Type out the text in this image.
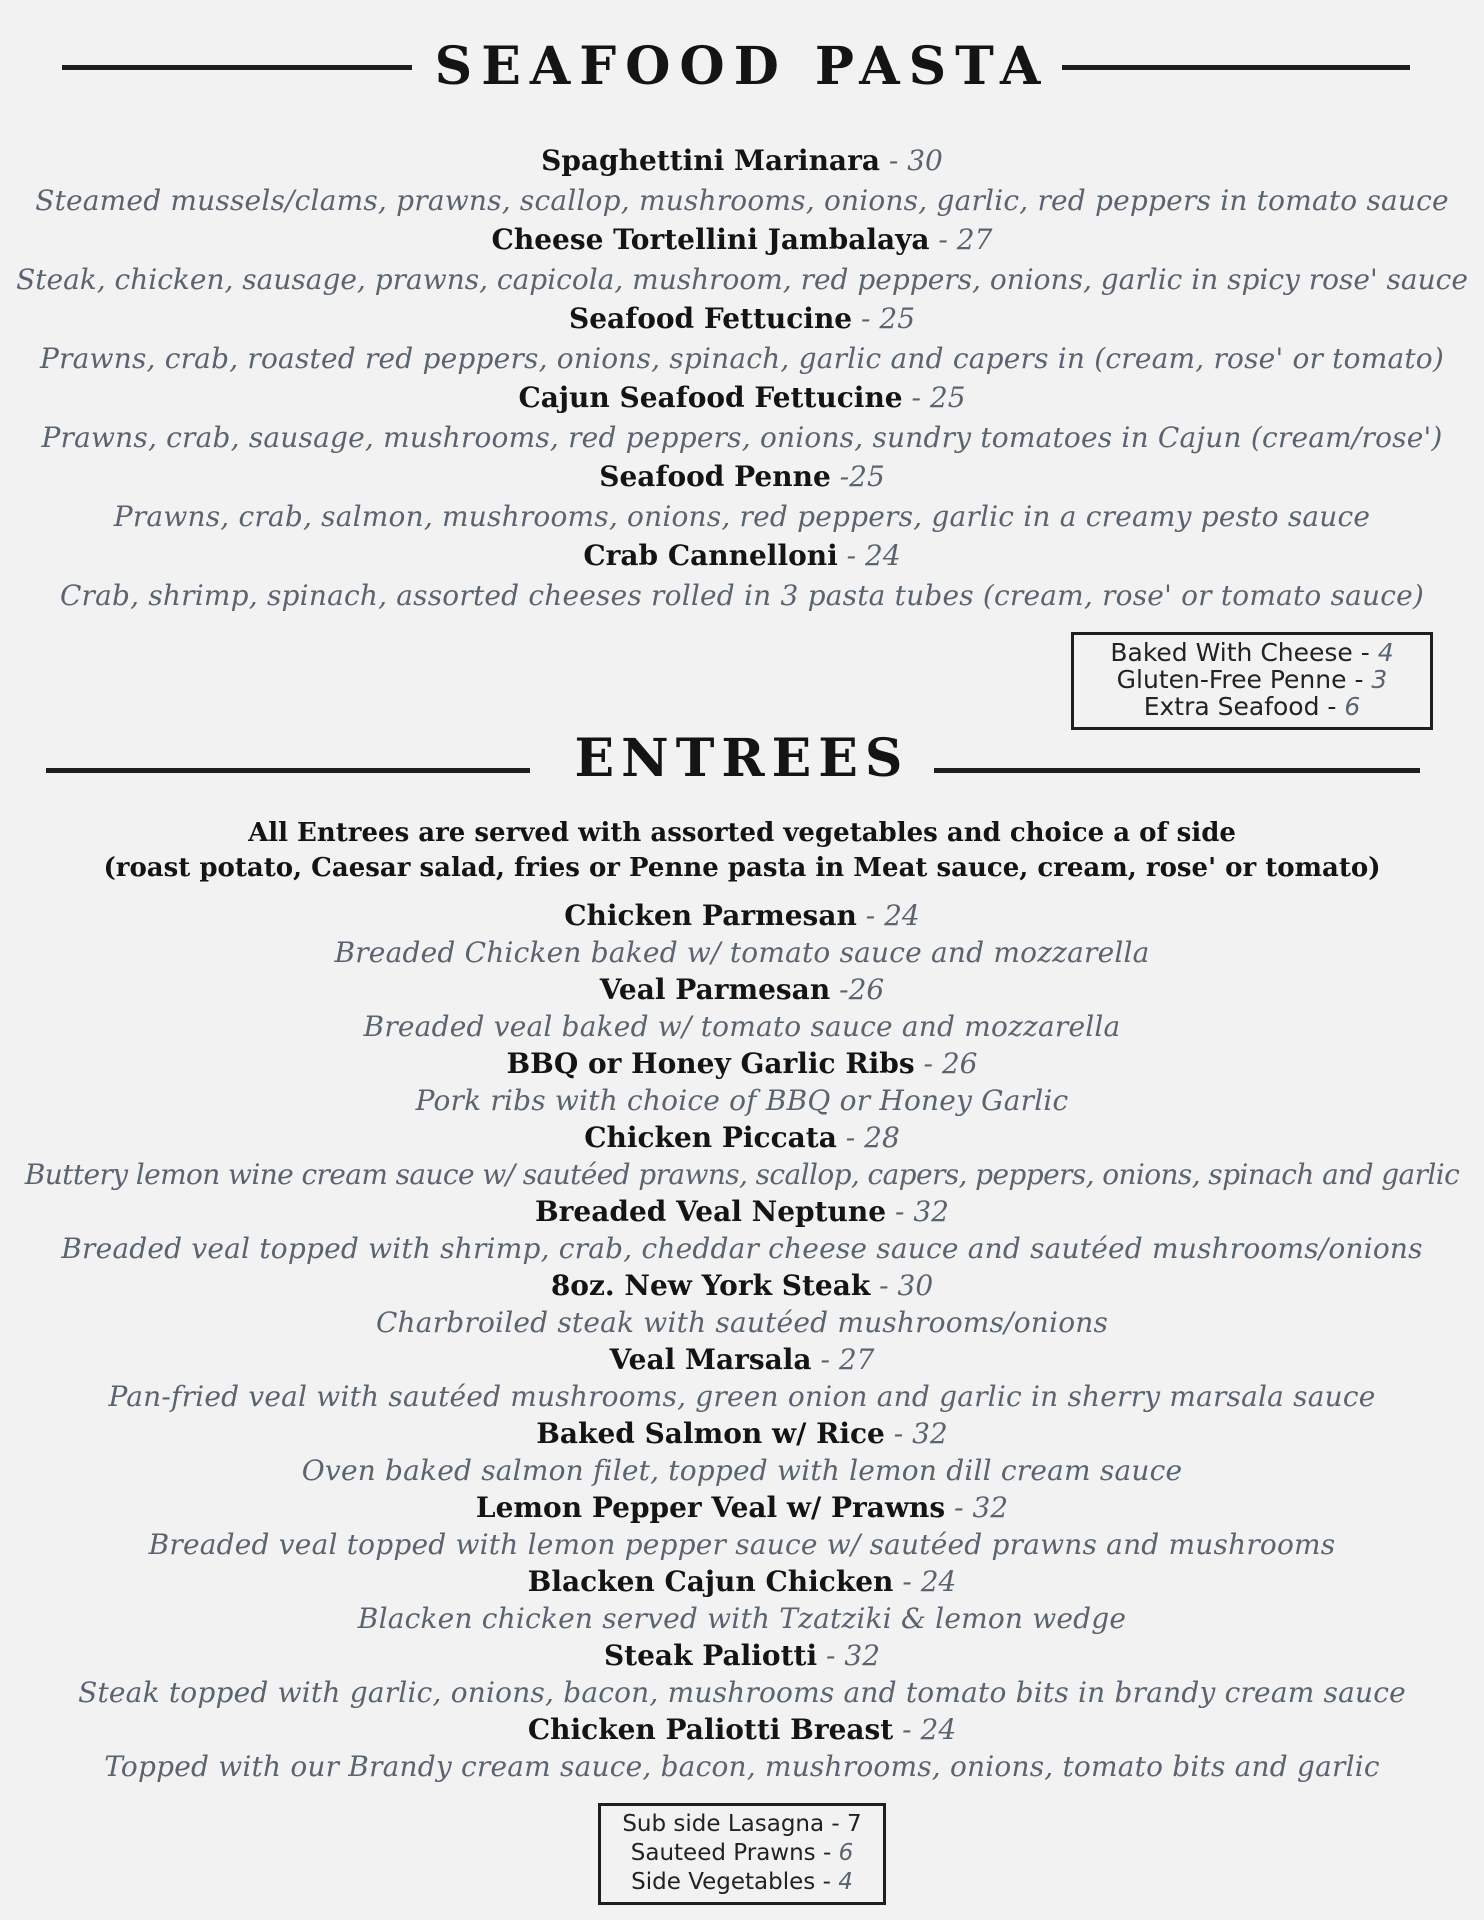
SEAFOOD PASTA
Spaghettini Marinara - 30
Steamed mussels/clams, prawns, scallop, mushrooms, onions, garlic, red peppers in tomato sauce
Cheese Tortellini Jambalaya - 27
Steak, chicken, sausage, prawns, capicola, mushroom, red peppers, onions, garlic in spicy rose' sauce
Seafood Fettucine - 25
Prawns, crab, roasted red peppers, onions, spinach, garlic and capers in (cream, rose' or tomato)
Cajun Seafood Fettucine - 25
Prawns, crab, sausage, mushrooms, red peppers, onions, sundry tomatoes in Cajun (cream/rose')
Seafood Penne -25
Prawns, crab, salmon, mushrooms, onions, red peppers, garlic in a creamy pesto sauce
Crab Cannelloni - 24
Crab, shrimp, spinach, assorted cheeses rolled in 3 pasta tubes (cream, rose' or tomato sauce)
Baked With Cheese - 4
Gluten-Free Penne - 3
Extra Seafood - 6
ENTREES
All Entrees are served with assorted vegetables and choice a of side
(roast potato, Caesar salad, fries or Penne pasta in Meat sauce, cream, rose' or tomato)
Chicken Parmesan - 24
Breaded Chicken baked w/ tomato sauce and mozzarella
Veal Parmesan -26
Breaded veal baked w/ tomato sauce and mozzarella
BBQ or Honey Garlic Ribs - 26
Pork ribs with choice of BBQ or Honey Garlic
Chicken Piccata - 28
Buttery lemon wine cream sauce w/ sautéed prawns, scallop, capers, peppers, onions, spinach and garlic
Breaded Veal Neptune - 32
Breaded veal topped with shrimp, crab, cheddar cheese sauce and sautéed mushrooms/onions
8oz. New York Steak - 30
Charbroiled steak with sautéed mushrooms/onions
Veal Marsala - 27
Pan-fried veal with sautéed mushrooms, green onion and garlic in sherry marsala sauce
Baked Salmon w/ Rice - 32
Oven baked salmon filet, topped with lemon dill cream sauce
Lemon Pepper Veal w/ Prawns - 32
Breaded veal topped with lemon pepper sauce w/ sautéed prawns and mushrooms
Blacken Cajun Chicken - 24
Blacken chicken served with Tzatziki & lemon wedge
Steak Paliotti - 32
Steak topped with garlic, onions, bacon, mushrooms and tomato bits in brandy cream sauce
Chicken Paliotti Breast - 24
Topped with our Brandy cream sauce, bacon, mushrooms, onions, tomato bits and garlic
Sub side Lasagna - 7
Sauteed Prawns - 6
Side Vegetables - 4
